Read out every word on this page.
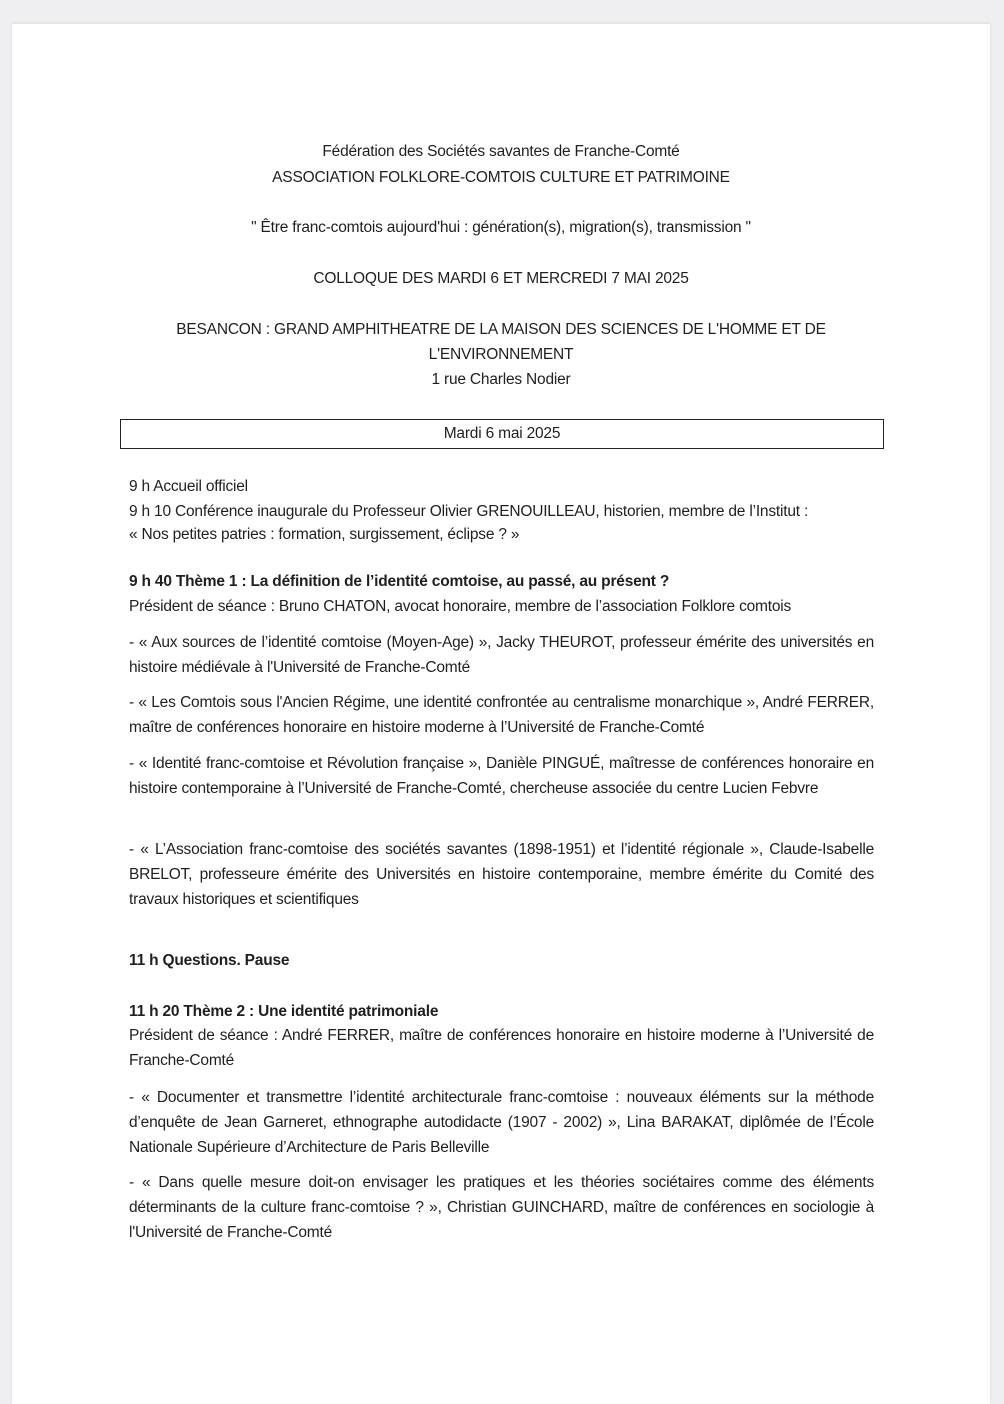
Fédération des Sociétés savantes de Franche-Comté
ASSOCIATION FOLKLORE-COMTOIS CULTURE ET PATRIMOINE
" Être franc-comtois aujourd'hui : génération(s), migration(s), transmission "
COLLOQUE DES MARDI 6 ET MERCREDI 7 MAI 2025
BESANCON : GRAND AMPHITHEATRE DE LA MAISON DES SCIENCES DE L'HOMME ET DE
L'ENVIRONNEMENT
1 rue Charles Nodier
Mardi 6 mai 2025
9 h Accueil officiel
9 h 10 Conférence inaugurale du Professeur Olivier GRENOUILLEAU, historien, membre de l’Institut :
« Nos petites patries : formation, surgissement, éclipse ? »
9 h 40 Thème 1 : La définition de l’identité comtoise, au passé, au présent ?
Président de séance : Bruno CHATON, avocat honoraire, membre de l’association Folklore comtois
- « Aux sources de l’identité comtoise (Moyen-Age) », Jacky THEUROT, professeur émérite des universités en histoire médiévale à l'Université de Franche-Comté
- « Les Comtois sous l'Ancien Régime, une identité confrontée au centralisme monarchique », André FERRER, maître de conférences honoraire en histoire moderne à l’Université de Franche-Comté
- « Identité franc-comtoise et Révolution française », Danièle PINGUÉ, maîtresse de conférences honoraire en histoire contemporaine à l’Université de Franche-Comté, chercheuse associée du centre Lucien Febvre
- « L’Association franc-comtoise des sociétés savantes (1898-1951) et l’identité régionale », Claude-Isabelle BRELOT, professeure émérite des Universités en histoire contemporaine, membre émérite du Comité des travaux historiques et scientifiques
11 h Questions. Pause
11 h 20 Thème 2 : Une identité patrimoniale
Président de séance : André FERRER, maître de conférences honoraire en histoire moderne à l’Université de Franche-Comté
- « Documenter et transmettre l’identité architecturale franc-comtoise : nouveaux éléments sur la méthode d’enquête de Jean Garneret, ethnographe autodidacte (1907 - 2002) », Lina BARAKAT, diplômée de l’École Nationale Supérieure d’Architecture de Paris Belleville
- « Dans quelle mesure doit-on envisager les pratiques et les théories sociétaires comme des éléments déterminants de la culture franc-comtoise ? », Christian GUINCHARD, maître de conférences en sociologie à l'Université de Franche-Comté
